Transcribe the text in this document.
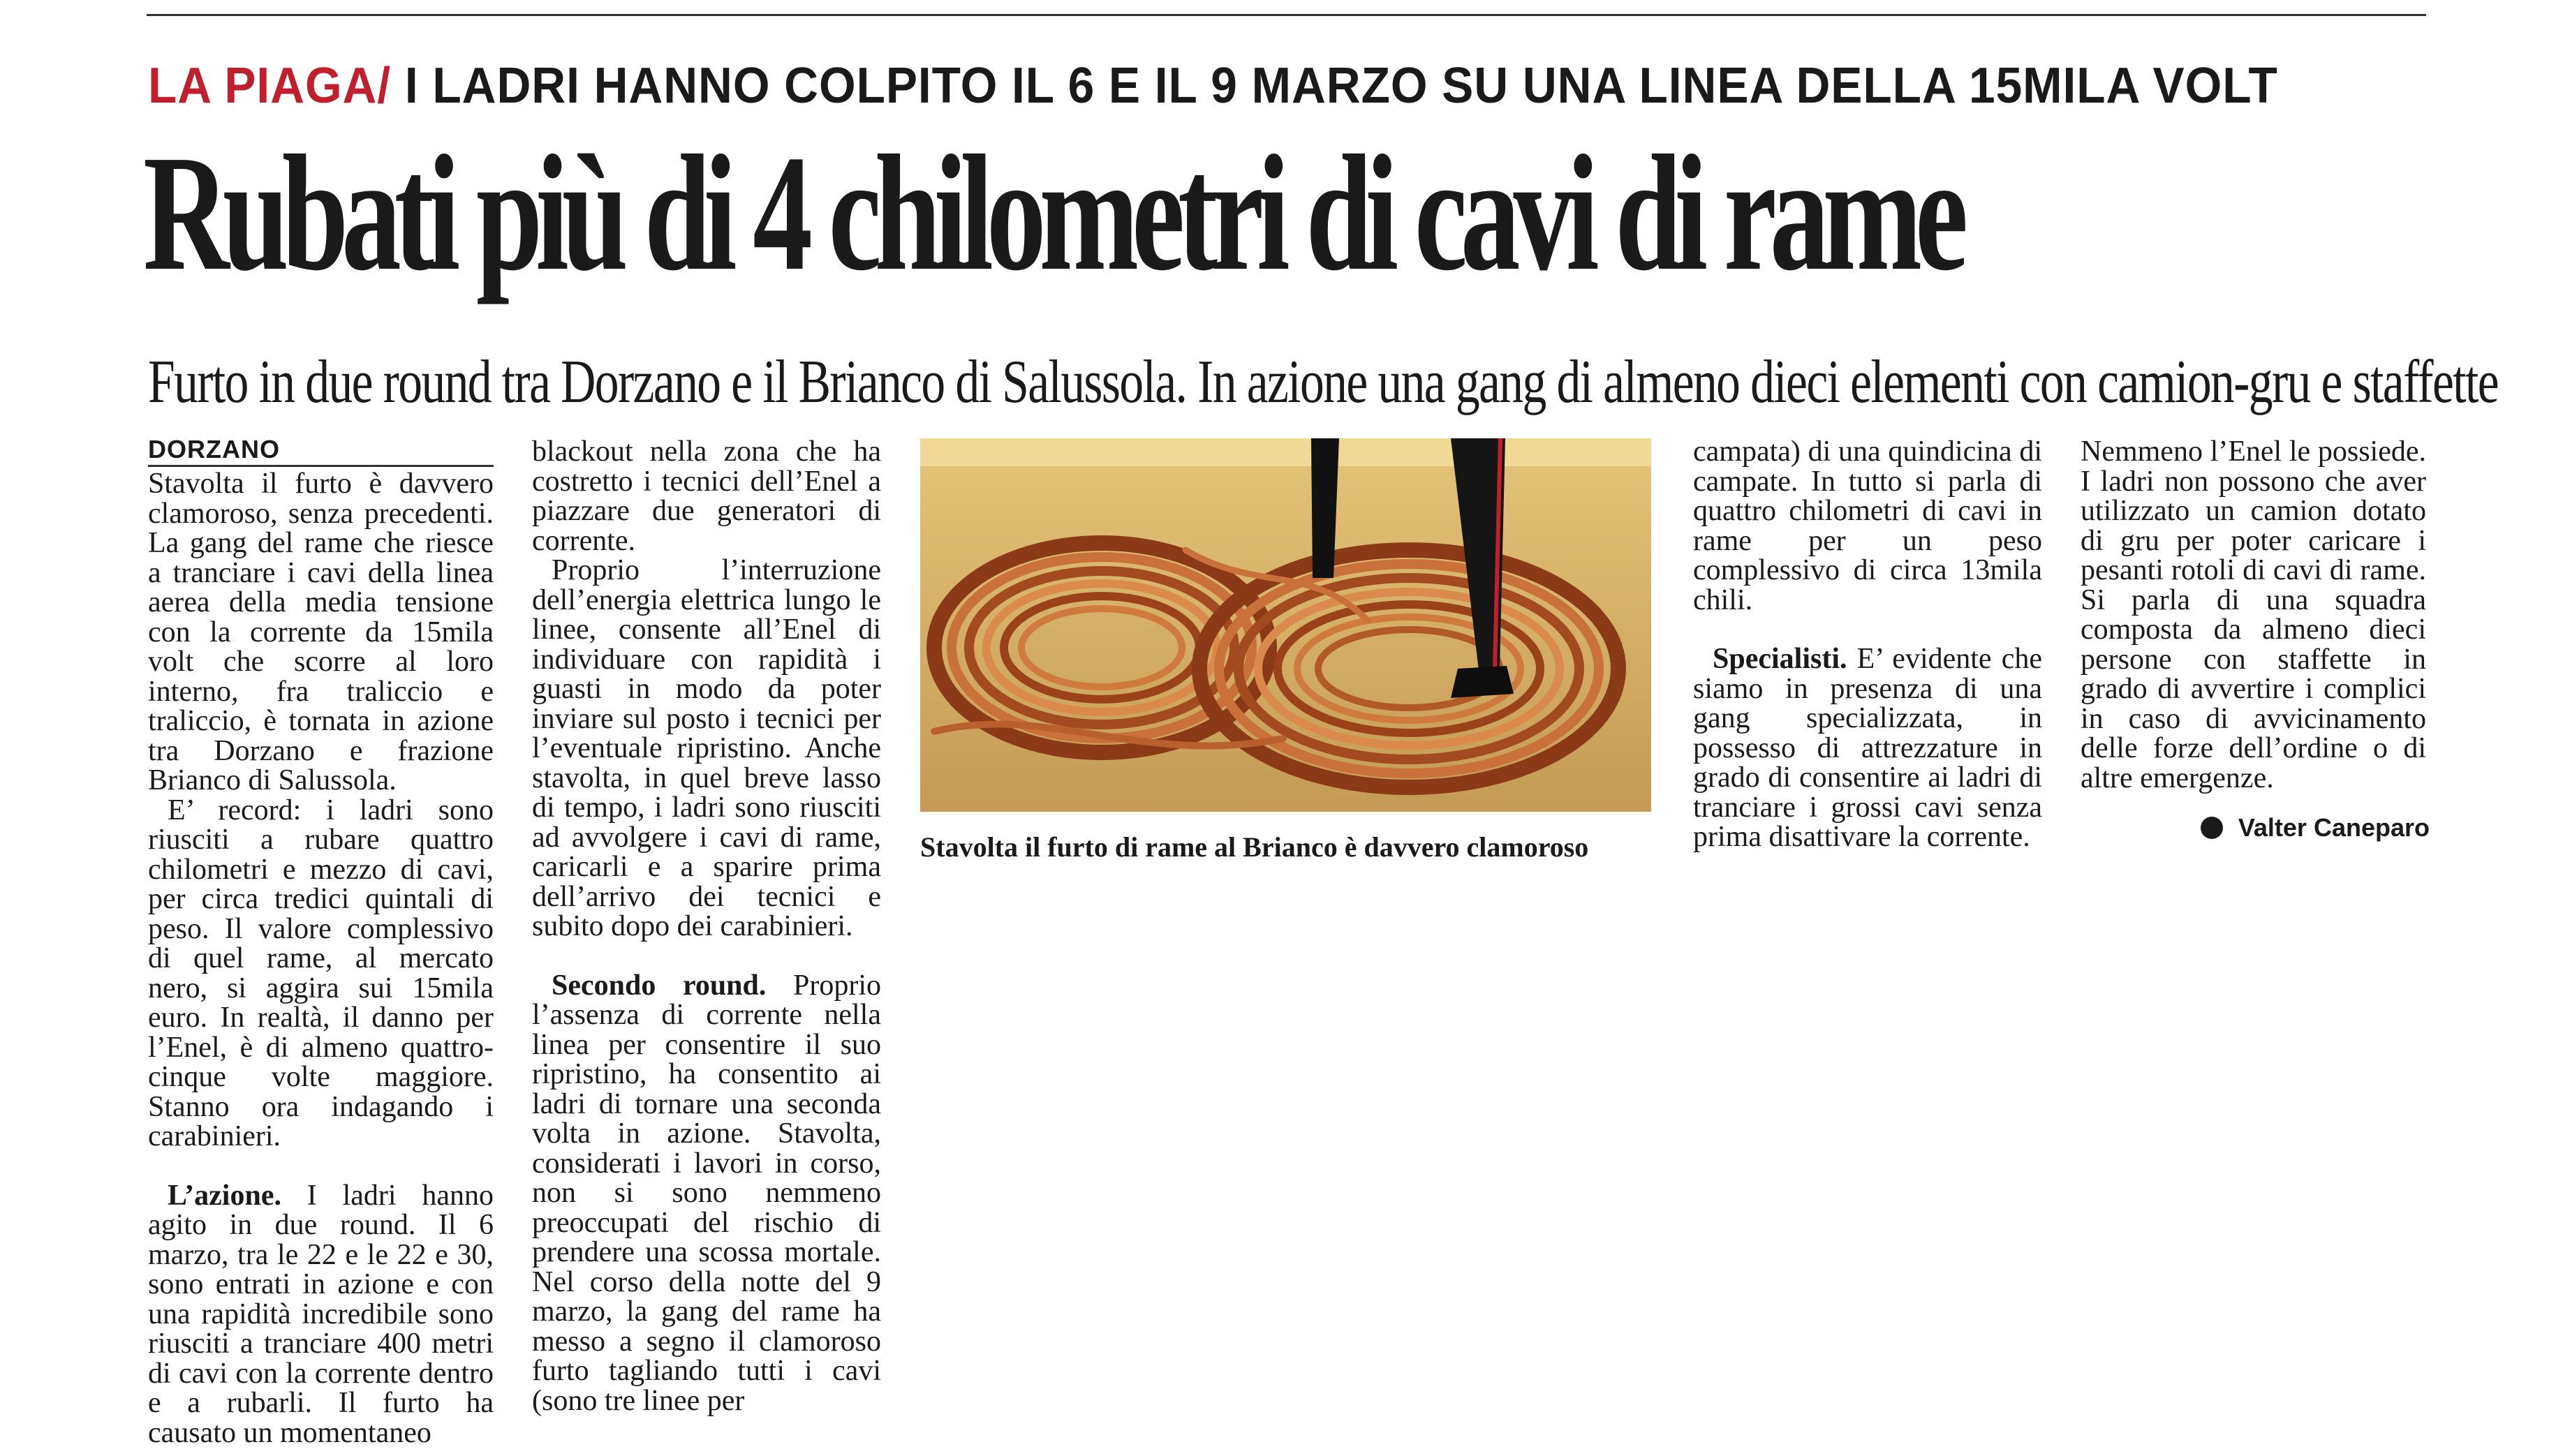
LA PIAGA/ I LADRI HANNO COLPITO IL 6 E IL 9 MARZO SU UNA LINEA DELLA 15MILA VOLT
Rubati più di 4 chilometri di cavi di rame
Furto in due round tra Dorzano e il Brianco di Salussola. In azione una gang di almeno dieci elementi con camion-gru e staffette
DORZANO

Stavolta il furto è davvero clamoroso, senza precedenti. La gang del rame che riesce a tranciare i cavi della linea aerea della media tensione con la corrente da 15mila volt che scorre al loro interno, fra traliccio e traliccio, è tornata in azione tra Dorzano e frazione Brianco di Salussola.

E’ record: i ladri sono riusciti a rubare quattro chilometri e mezzo di cavi, per circa tredici quintali di peso. Il valore complessivo di quel rame, al mercato nero, si aggira sui 15mila euro. In realtà, il danno per l’Enel, è di almeno quattro-cinque volte maggiore. Stanno ora indagando i carabinieri.

L’azione. I ladri hanno agito in due round. Il 6 marzo, tra le 22 e le 22 e 30, sono entrati in azione e con una rapidità incredibile sono riusciti a tranciare 400 metri di cavi con la corrente dentro e a rubarli. Il furto ha causato un momentaneo

blackout nella zona che ha costretto i tecnici dell’Enel a piazzare due generatori di corrente.

Proprio l’interruzione dell’energia elettrica lungo le linee, consente all’Enel di individuare con rapidità i guasti in modo da poter inviare sul posto i tecnici per l’eventuale ripristino. Anche stavolta, in quel breve lasso di tempo, i ladri sono riusciti ad avvolgere i cavi di rame, caricarli e a sparire prima dell’arrivo dei tecnici e subito dopo dei carabinieri.

Secondo round. Proprio l’assenza di corrente nella linea per consentire il suo ripristino, ha consentito ai ladri di tornare una seconda volta in azione. Stavolta, considerati i lavori in corso, non si sono nemmeno preoccupati del rischio di prendere una scossa mortale. Nel corso della notte del 9 marzo, la gang del rame ha messo a segno il clamoroso furto tagliando tutti i cavi (sono tre linee per

Stavolta il furto di rame al Brianco è davvero clamoroso

campata) di una quindicina di campate. In tutto si parla di quattro chilometri di cavi in rame per un peso complessivo di circa 13mila chili.

Specialisti. E’ evidente che siamo in presenza di una gang specializzata, in possesso di attrezzature in grado di consentire ai ladri di tranciare i grossi cavi senza prima disattivare la corrente.

Nemmeno l’Enel le possiede. I ladri non possono che aver utilizzato un camion dotato di gru per poter caricare i pesanti rotoli di cavi di rame. Si parla di una squadra composta da almeno dieci persone con staffette in grado di avvertire i complici in caso di avvicinamento delle forze dell’ordine o di altre emergenze.

Valter Caneparo
